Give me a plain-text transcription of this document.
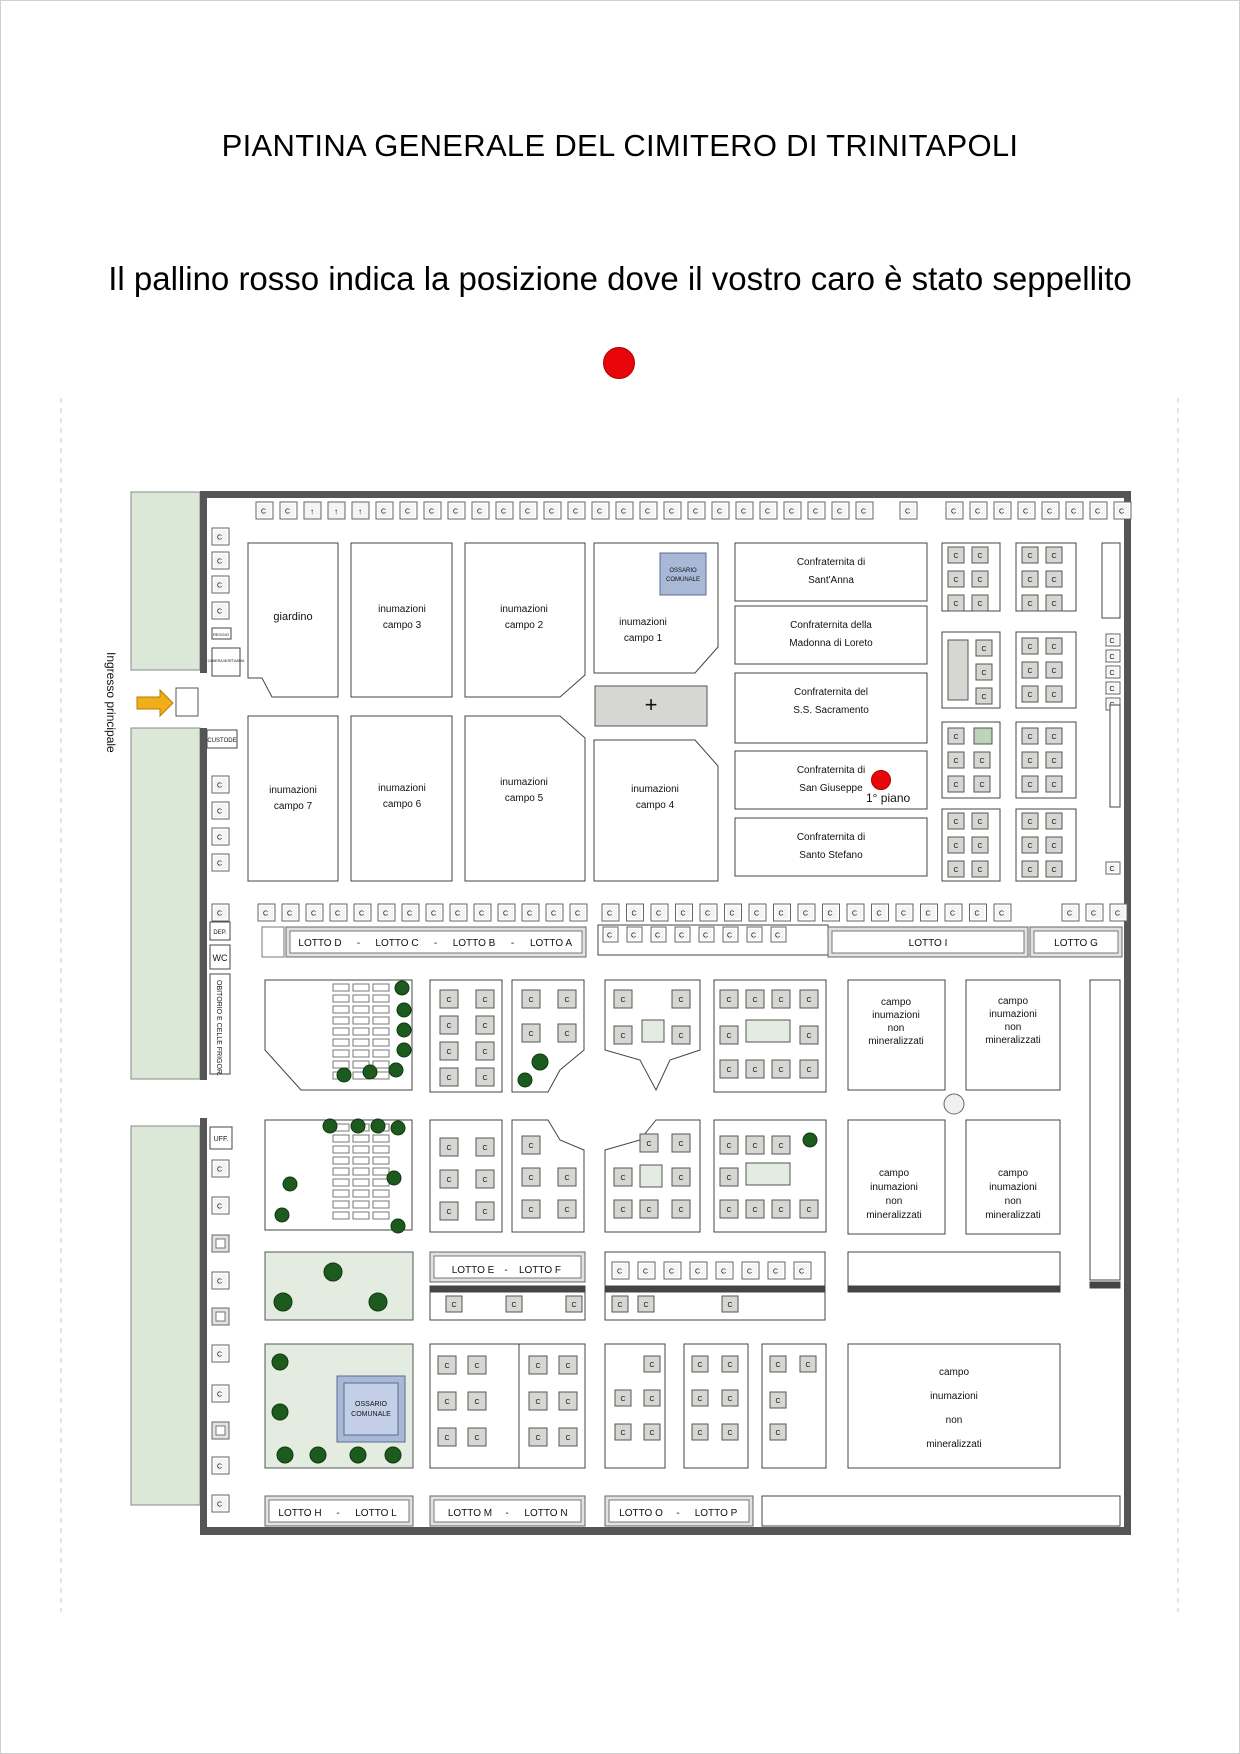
PIANTINA GENERALE DEL CIMITERO DI TRINITAPOLI
Il pallino rosso indica la posizione dove il vostro caro è stato seppellito
Ingresso principale
C	C ↑	↑	↑	C	C	C	C	C	C	C	C	C	C	C	C	C	C	C	C	C	C	C	C	C	C	C	C	C	C	C	C	C
C
C
C
C
C
C
C
C
C
C
REGGIO
CAMERA MORTUARIA
CUSTODE
C
C
C
C
C
DEP.
WC
OBITORIO E CELLE FRIGOR.
UFF.
C
C
C
C
C
C
C
giardino
inumazioni
campo 3
inumazioni
campo 2	inumazioni
campo 1
OSSARIO
COMUNALE
+
inumazioni
campo 7
inumazioni
campo 6
inumazioni
campo 5
inumazioni
campo 4
Confraternita di
Sant'Anna
Confraternita della
Madonna di Loreto
Confraternita del
S.S. Sacramento
Confraternita di
San Giuseppe
Confraternita di
Santo Stefano
C	C
C	C
C	C
C	C
C	C
C	C
C
C
C
C	C
C	C
C	C
C
C	C
C	C
C	C
C	C
C	C
C	C
C	C
C	C
C	C
C	C
C	C
C	C	C	C	C	C	C	C	C	C	C	C	C	C	C	C	C	C	C	C	C	C	C	C	C	C	C	C	C	C	C	C	C	C
LOTTO D - LOTTO C - LOTTO B - LOTTO A
C	C	C	C	C	C	C	C
LOTTO I	LOTTO G
C	C
C	C
C	C
C	C
C	C
C	C
C	C
C	C
C	C	C	C
C	C
C	C	C	C
campo
inumazioni
non
mineralizzati
campo
inumazioni
non
mineralizzati
C	C
C	C
C	C
C
C
C
C
C
C	C
C	C
C	C	C
C	C	C
C
C	C	C	C
campo
inumazioni
non
mineralizzati
campo
inumazioni
non
mineralizzati
LOTTO E - LOTTO F
C	C	C
C	C	C	C	C	C	C	C
C	C	C
OSSARIO
COMUNALE
C	C
C	C
C	C
C	C
C	C
C	C
C
C	C
C	C
C	C
C	C
C	C
C	C
C
C
campo
inumazioni
non
mineralizzati
LOTTO H - LOTTO L	LOTTO M - LOTTO N	LOTTO O - LOTTO P
1° piano
